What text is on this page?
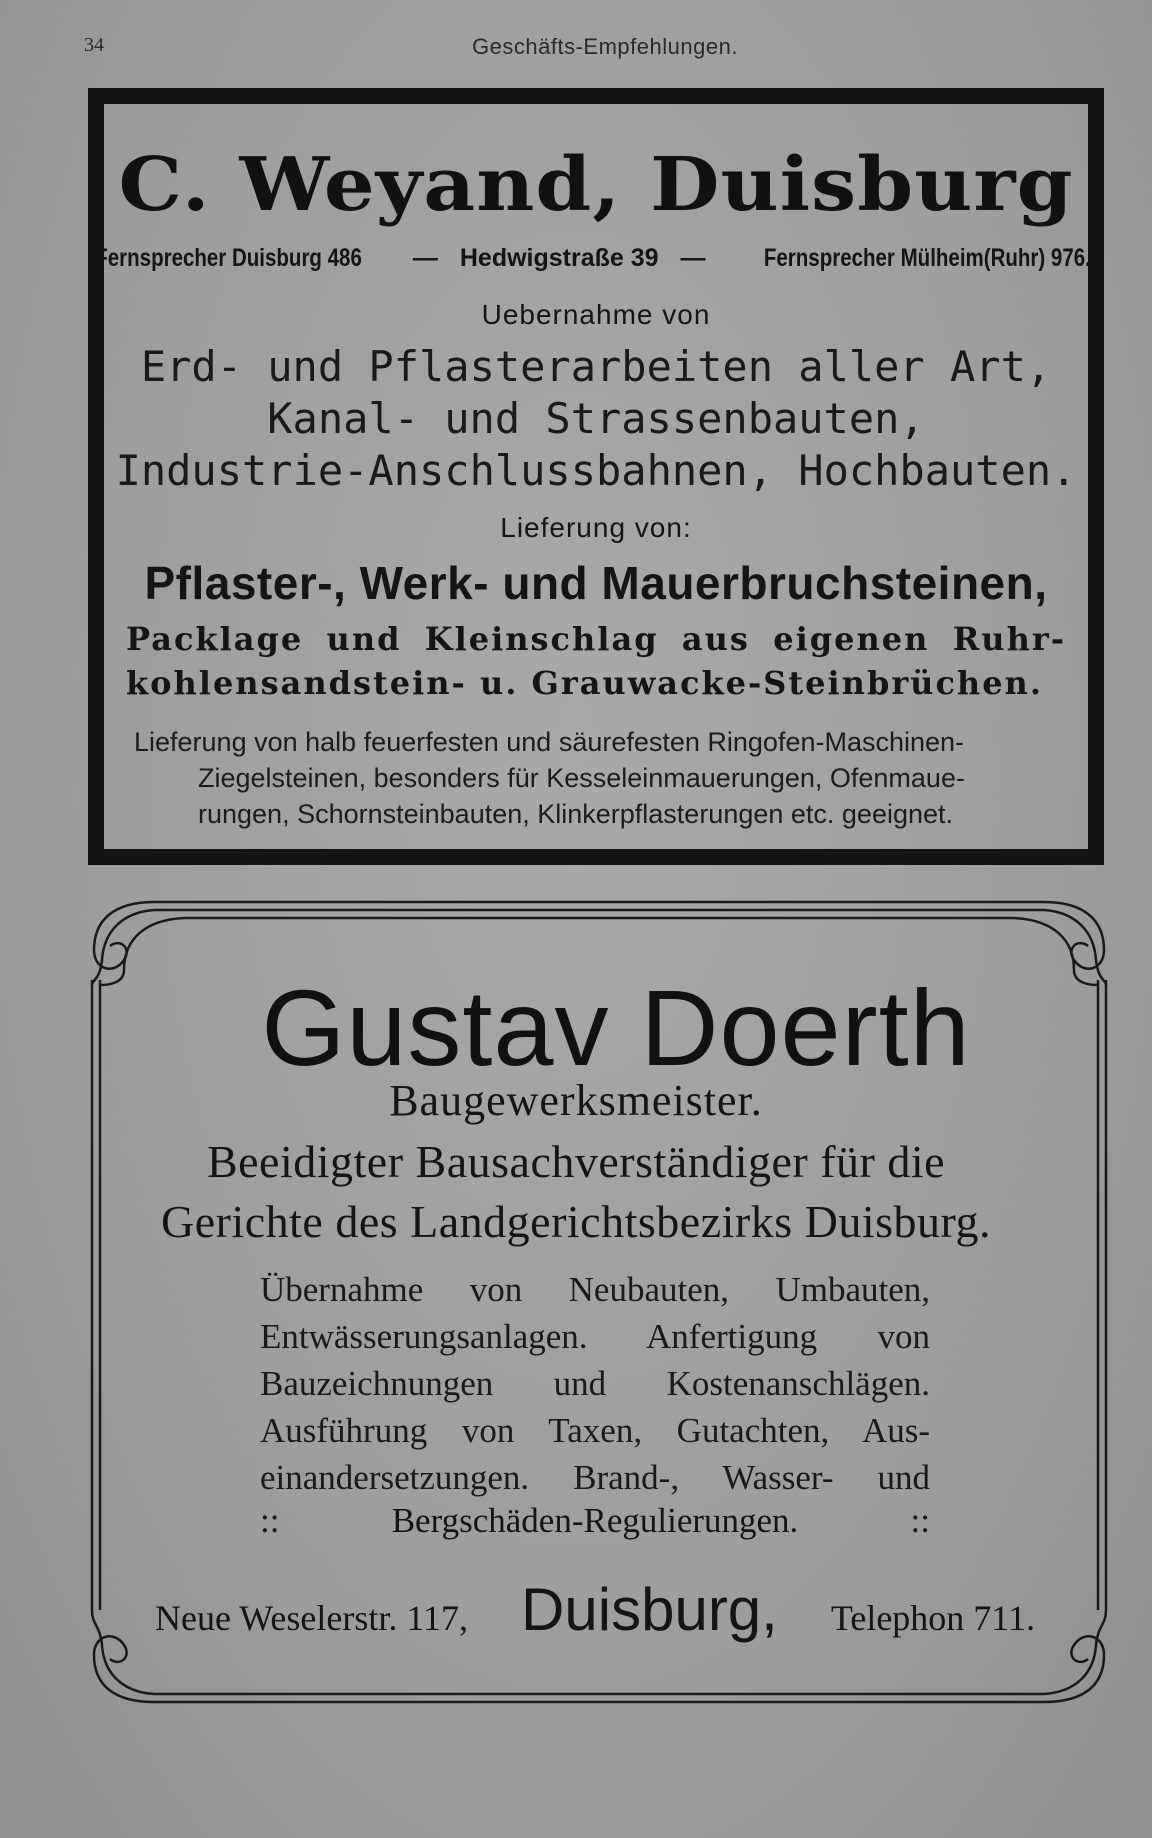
34	Geschäfts-Empfehlungen.
C. Weyand, Duisburg
Fernsprecher Duisburg 486 — Hedwigstraße 39 — Fernsprecher Mülheim(Ruhr) 976.
Uebernahme von
Erd- und Pflasterarbeiten aller Art,
Kanal- und Strassenbauten,
Industrie-Anschlussbahnen, Hochbauten.
Lieferung von:
Pflaster-, Werk- und Mauerbruchsteinen,
Packlage und Kleinschlag aus eigenen Ruhr-
kohlensandstein- u. Grauwacke-Steinbrüchen.
Lieferung von halb feuerfesten und säurefesten Ringofen-Maschinen-
Ziegelsteinen, besonders für Kesseleinmauerungen, Ofenmaue-
rungen, Schornsteinbauten, Klinkerpflasterungen etc. geeignet.
Gustav Doerth
Baugewerksmeister.
Beeidigter Bausachverständiger für die
Gerichte des Landgerichtsbezirks Duisburg.
Übernahme von Neubauten, Umbauten,
Entwässerungsanlagen. Anfertigung von
Bauzeichnungen und Kostenanschlägen.
Ausführung von Taxen, Gutachten, Aus-
einandersetzungen. Brand-, Wasser- und
::	Bergschäden-Regulierungen.	::
Neue Weselerstr. 117, Duisburg, Telephon 711.
